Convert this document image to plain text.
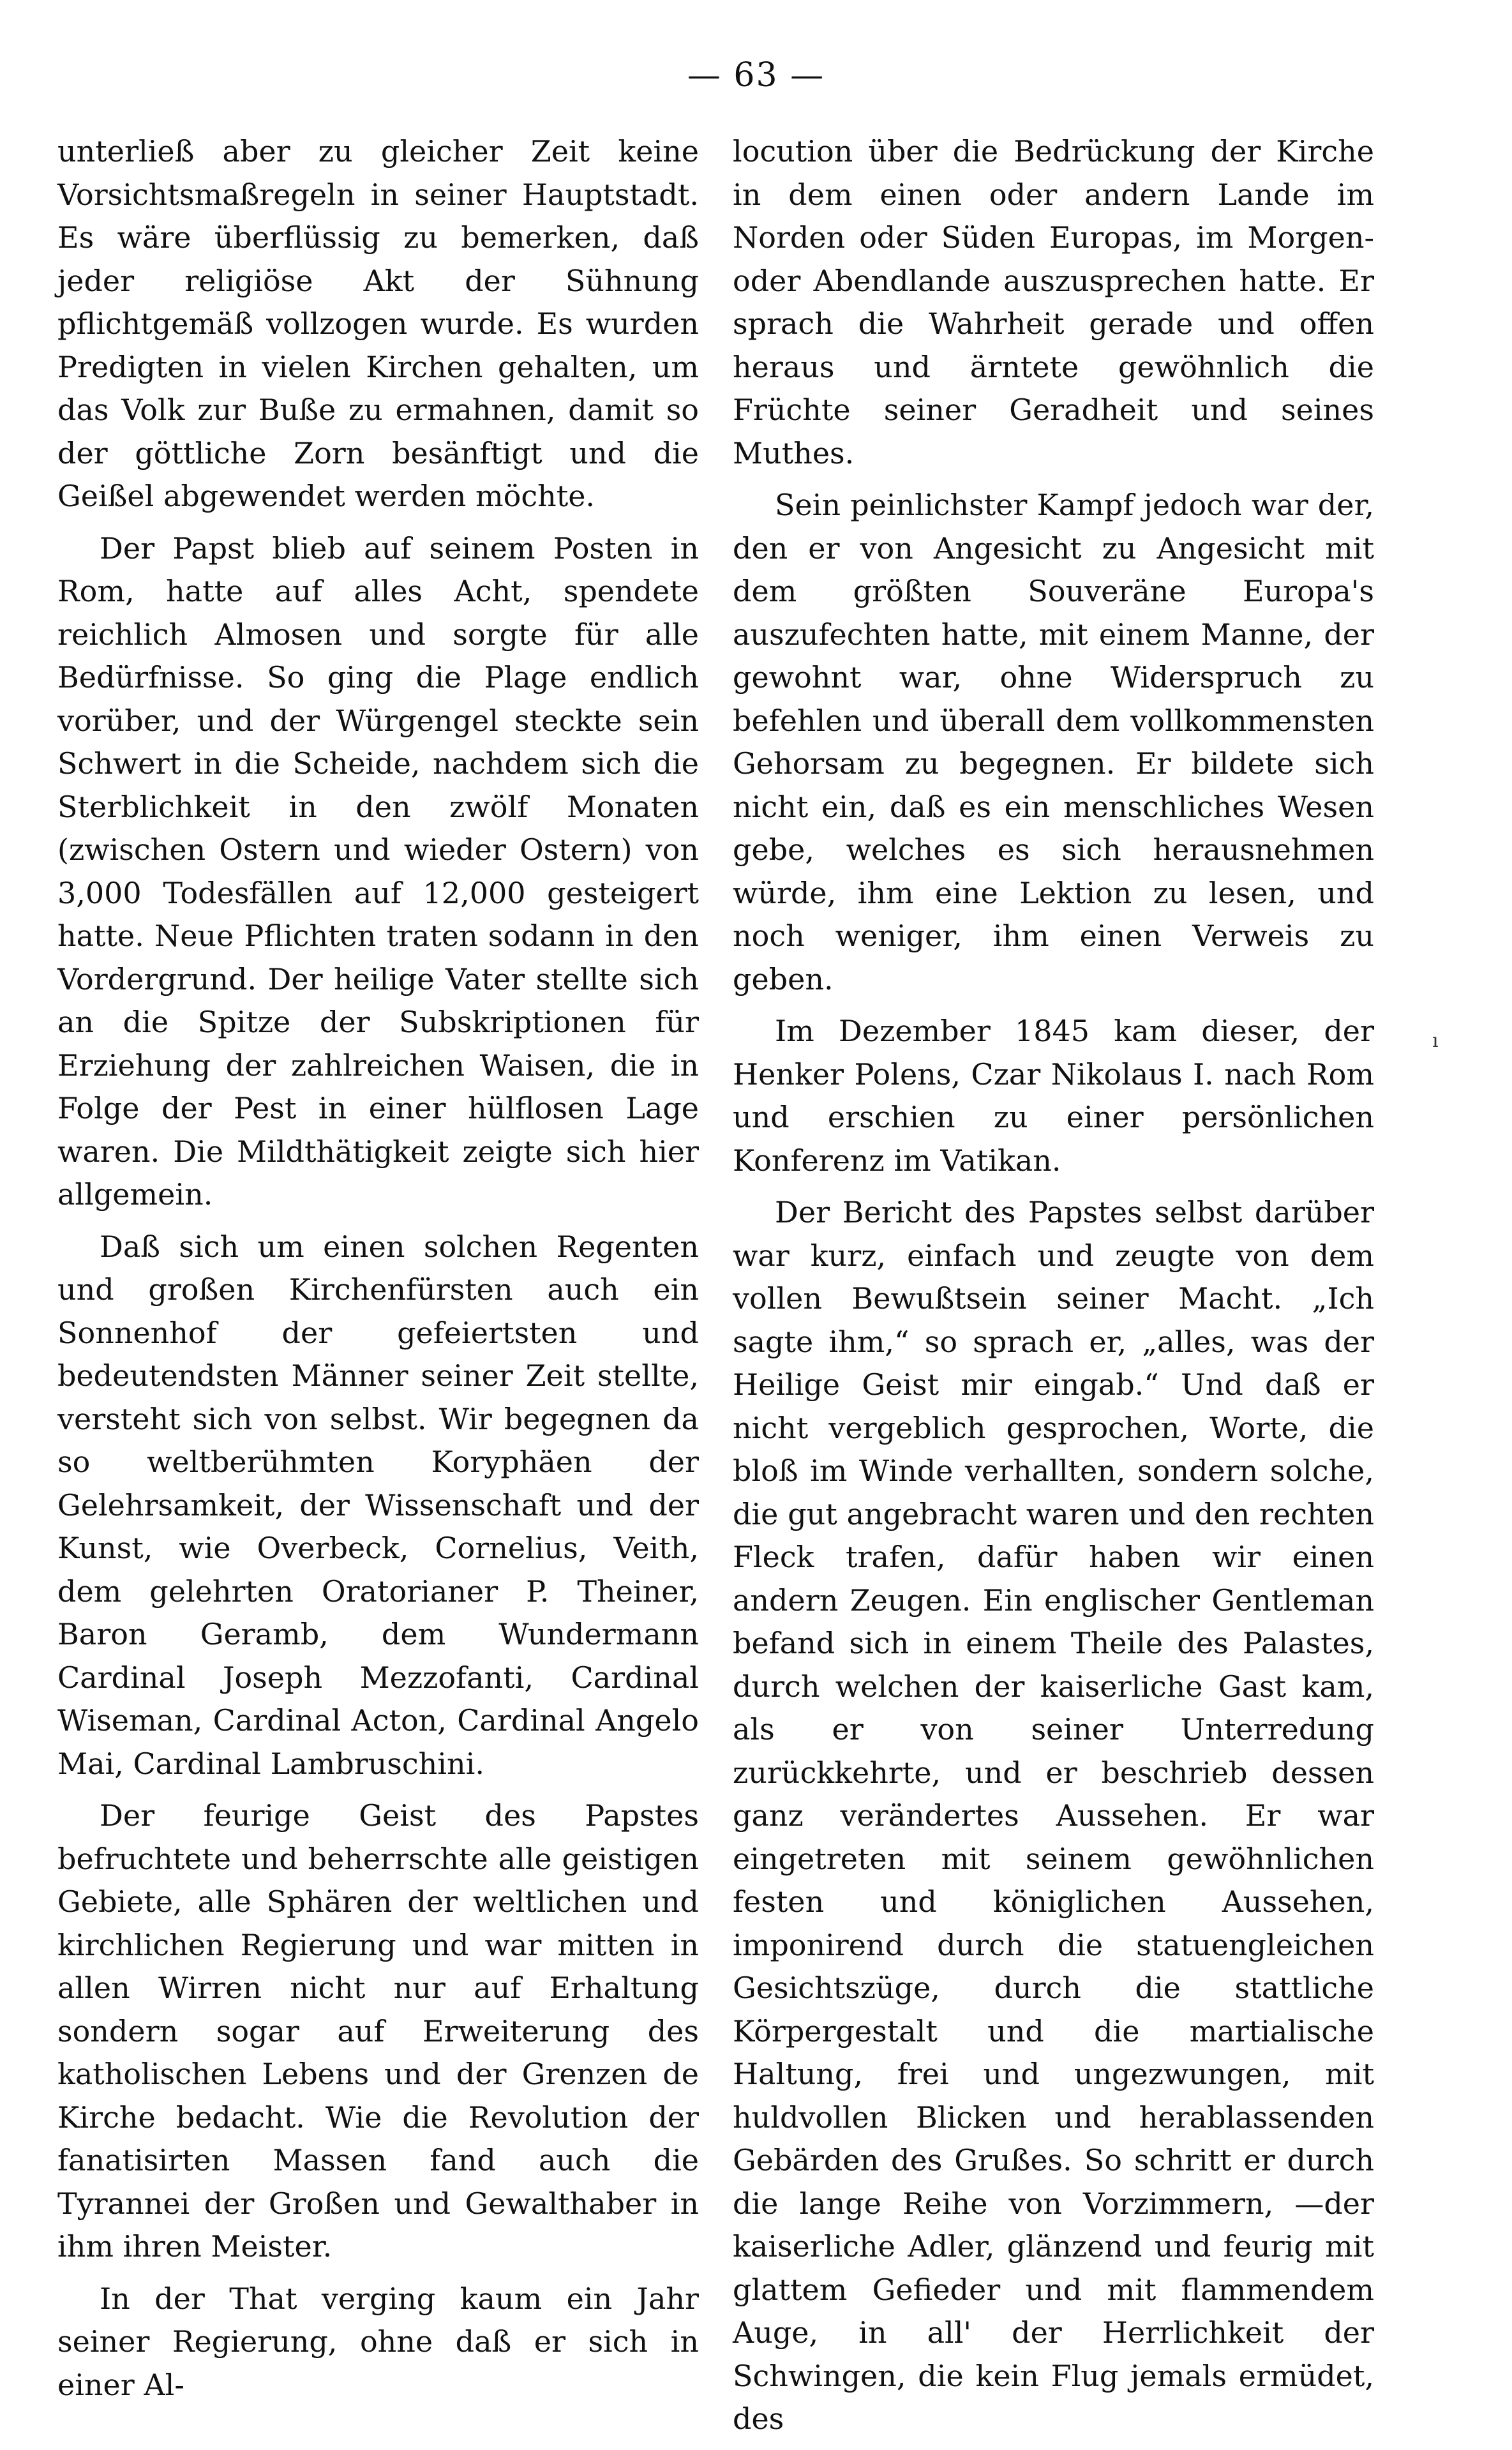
— 63 —

unterließ aber zu gleicher Zeit keine Vorsichtsmaßregeln in seiner Hauptstadt. Es wäre überflüssig zu bemerken, daß jeder religiöse Akt der Sühnung pflichtgemäß vollzogen wurde. Es wurden Predigten in vielen Kirchen gehalten, um das Volk zur Buße zu ermahnen, damit so der göttliche Zorn besänftigt und die Geißel abgewendet werden möchte.

Der Papst blieb auf seinem Posten in Rom, hatte auf alles Acht, spendete reichlich Almosen und sorgte für alle Bedürfnisse. So ging die Plage endlich vorüber, und der Würgengel steckte sein Schwert in die Scheide, nachdem sich die Sterblichkeit in den zwölf Monaten (zwischen Ostern und wieder Ostern) von 3,000 Todesfällen auf 12,000 gesteigert hatte. Neue Pflichten traten sodann in den Vordergrund. Der heilige Vater stellte sich an die Spitze der Subskriptionen für Erziehung der zahlreichen Waisen, die in Folge der Pest in einer hülflosen Lage waren. Die Mildthätigkeit zeigte sich hier allgemein.

Daß sich um einen solchen Regenten und großen Kirchenfürsten auch ein Sonnenhof der gefeiertsten und bedeutendsten Männer seiner Zeit stellte, versteht sich von selbst. Wir begegnen da so weltberühmten Koryphäen der Gelehrsamkeit, der Wissenschaft und der Kunst, wie Overbeck, Cornelius, Veith, dem gelehrten Oratorianer P. Theiner, Baron Geramb, dem Wundermann Cardinal Joseph Mezzofanti, Cardinal Wiseman, Cardinal Acton, Cardinal Angelo Mai, Cardinal Lambruschini.

Der feurige Geist des Papstes befruchtete und beherrschte alle geistigen Gebiete, alle Sphären der weltlichen und kirchlichen Regierung und war mitten in allen Wirren nicht nur auf Erhaltung sondern sogar auf Erweiterung des katholischen Lebens und der Grenzen de Kirche bedacht. Wie die Revolution der fanatisirten Massen fand auch die Tyrannei der Großen und Gewalthaber in ihm ihren Meister.

In der That verging kaum ein Jahr seiner Regierung, ohne daß er sich in einer Al-

locution über die Bedrückung der Kirche in dem einen oder andern Lande im Norden oder Süden Europas, im Morgen- oder Abendlande auszusprechen hatte. Er sprach die Wahrheit gerade und offen heraus und ärntete gewöhnlich die Früchte seiner Geradheit und seines Muthes.

Sein peinlichster Kampf jedoch war der, den er von Angesicht zu Angesicht mit dem größten Souveräne Europa's auszufechten hatte, mit einem Manne, der gewohnt war, ohne Widerspruch zu befehlen und überall dem vollkommensten Gehorsam zu begegnen. Er bildete sich nicht ein, daß es ein menschliches Wesen gebe, welches es sich herausnehmen würde, ihm eine Lektion zu lesen, und noch weniger, ihm einen Verweis zu geben.

Im Dezember 1845 kam dieser, der Henker Polens, Czar Nikolaus I. nach Rom und erschien zu einer persönlichen Konferenz im Vatikan.

Der Bericht des Papstes selbst darüber war kurz, einfach und zeugte von dem vollen Bewußtsein seiner Macht. „Ich sagte ihm,“ so sprach er, „alles, was der Heilige Geist mir eingab.“ Und daß er nicht vergeblich gesprochen, Worte, die bloß im Winde verhallten, sondern solche, die gut angebracht waren und den rechten Fleck trafen, dafür haben wir einen andern Zeugen. Ein englischer Gentleman befand sich in einem Theile des Palastes, durch welchen der kaiserliche Gast kam, als er von seiner Unterredung zurückkehrte, und er beschrieb dessen ganz verändertes Aussehen. Er war eingetreten mit seinem gewöhnlichen festen und königlichen Aussehen, imponirend durch die statuengleichen Gesichtszüge, durch die stattliche Körpergestalt und die martialische Haltung, frei und ungezwungen, mit huldvollen Blicken und herablassenden Gebärden des Grußes. So schritt er durch die lange Reihe von Vorzimmern, —der kaiserliche Adler, glänzend und feurig mit glattem Gefieder und mit flammendem Auge, in all' der Herrlichkeit der Schwingen, die kein Flug jemals ermüdet, des

ı
